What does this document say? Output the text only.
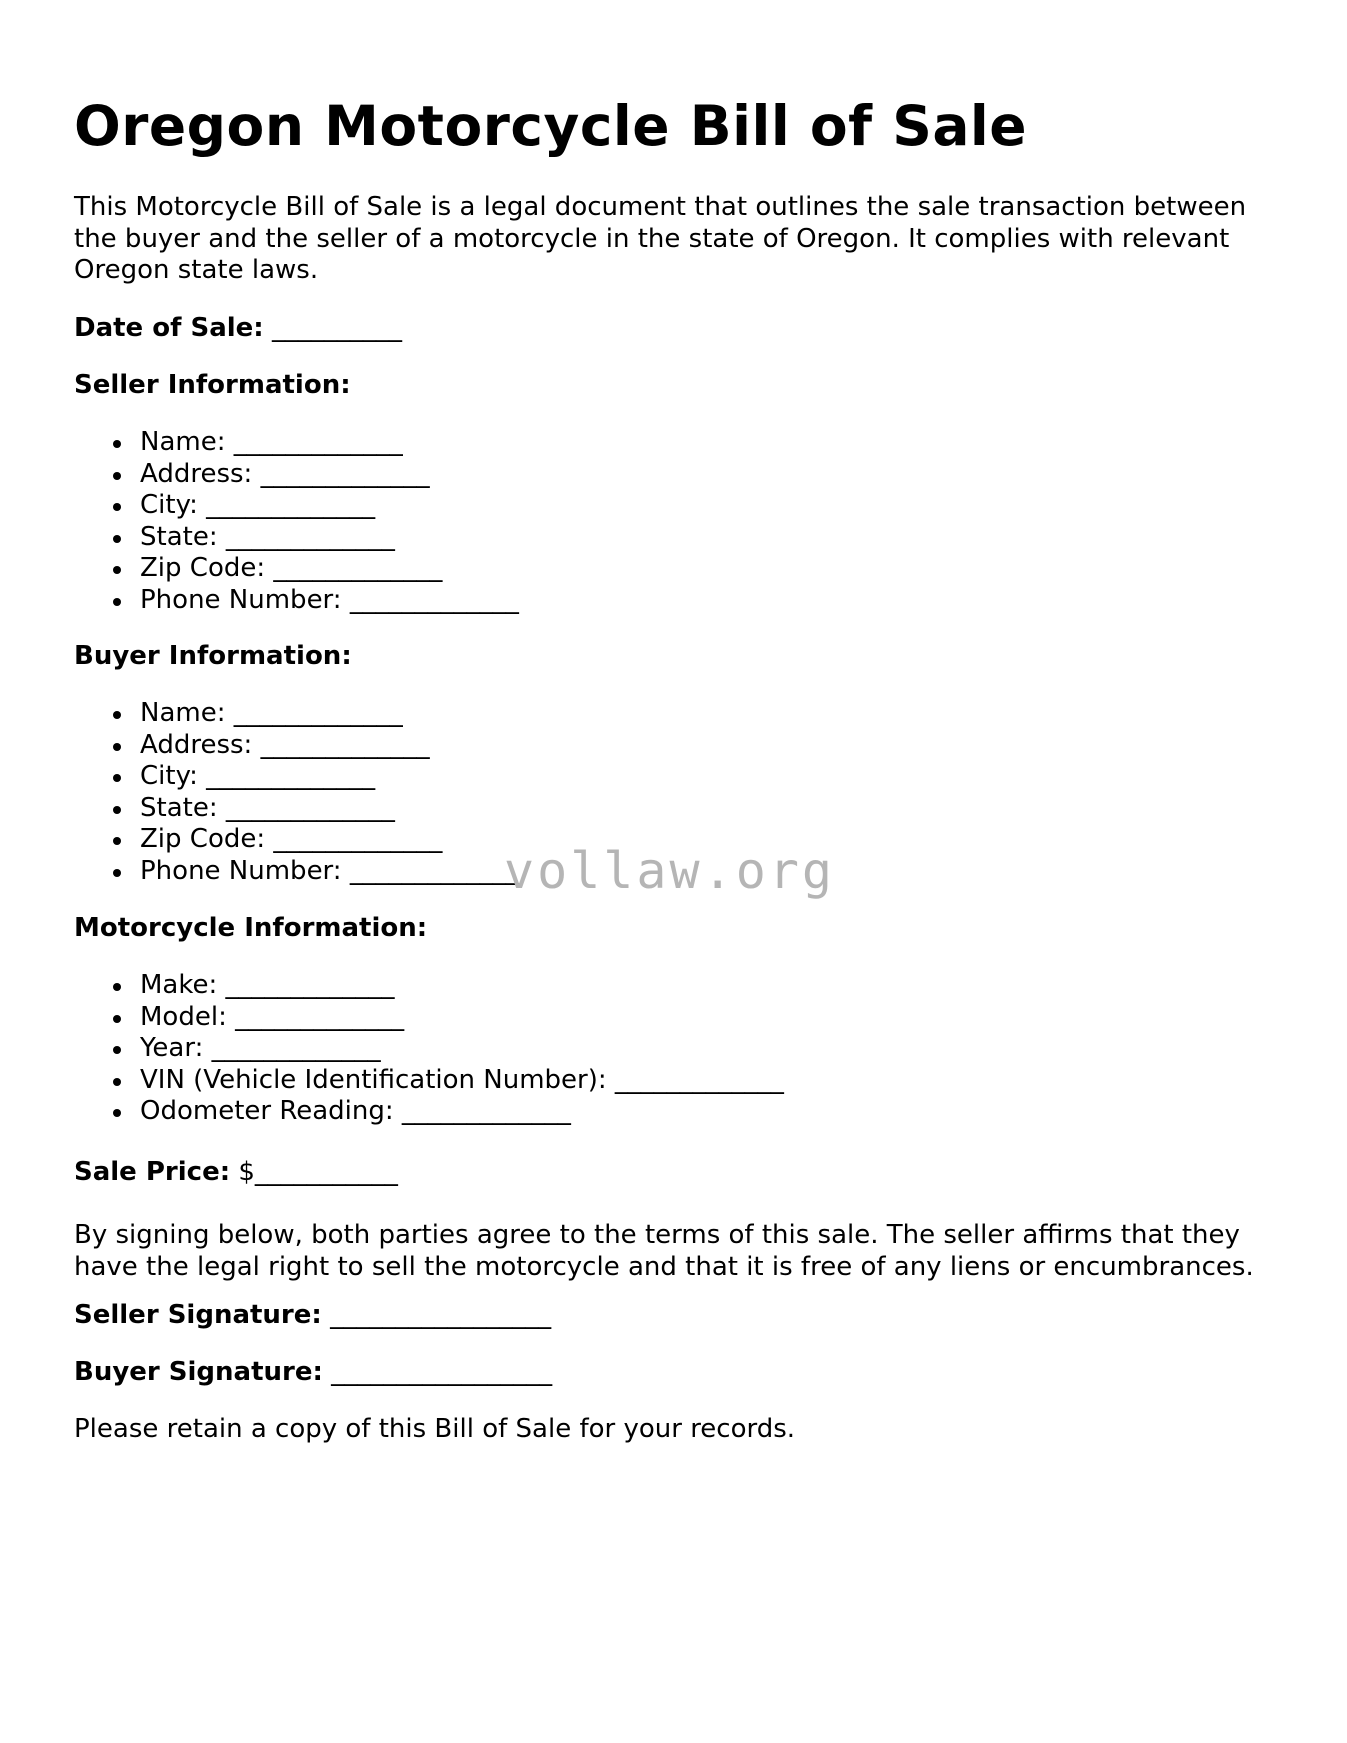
Oregon Motorcycle Bill of Sale

This Motorcycle Bill of Sale is a legal document that outlines the sale transaction between the buyer and the seller of a motorcycle in the state of Oregon. It complies with relevant Oregon state laws.

Date of Sale: __________

Seller Information:

Name: _____________
Address: _____________
City: _____________
State: _____________
Zip Code: _____________
Phone Number: _____________

Buyer Information:

Name: _____________
Address: _____________
City: _____________
State: _____________
Zip Code: _____________
Phone Number: _____________

Motorcycle Information:

Make: _____________
Model: _____________
Year: _____________
VIN (Vehicle Identification Number): _____________
Odometer Reading: _____________

Sale Price: $___________

By signing below, both parties agree to the terms of this sale. The seller affirms that they have the legal right to sell the motorcycle and that it is free of any liens or encumbrances.

Seller Signature: _________________

Buyer Signature: _________________

Please retain a copy of this Bill of Sale for your records.

vollaw.org
